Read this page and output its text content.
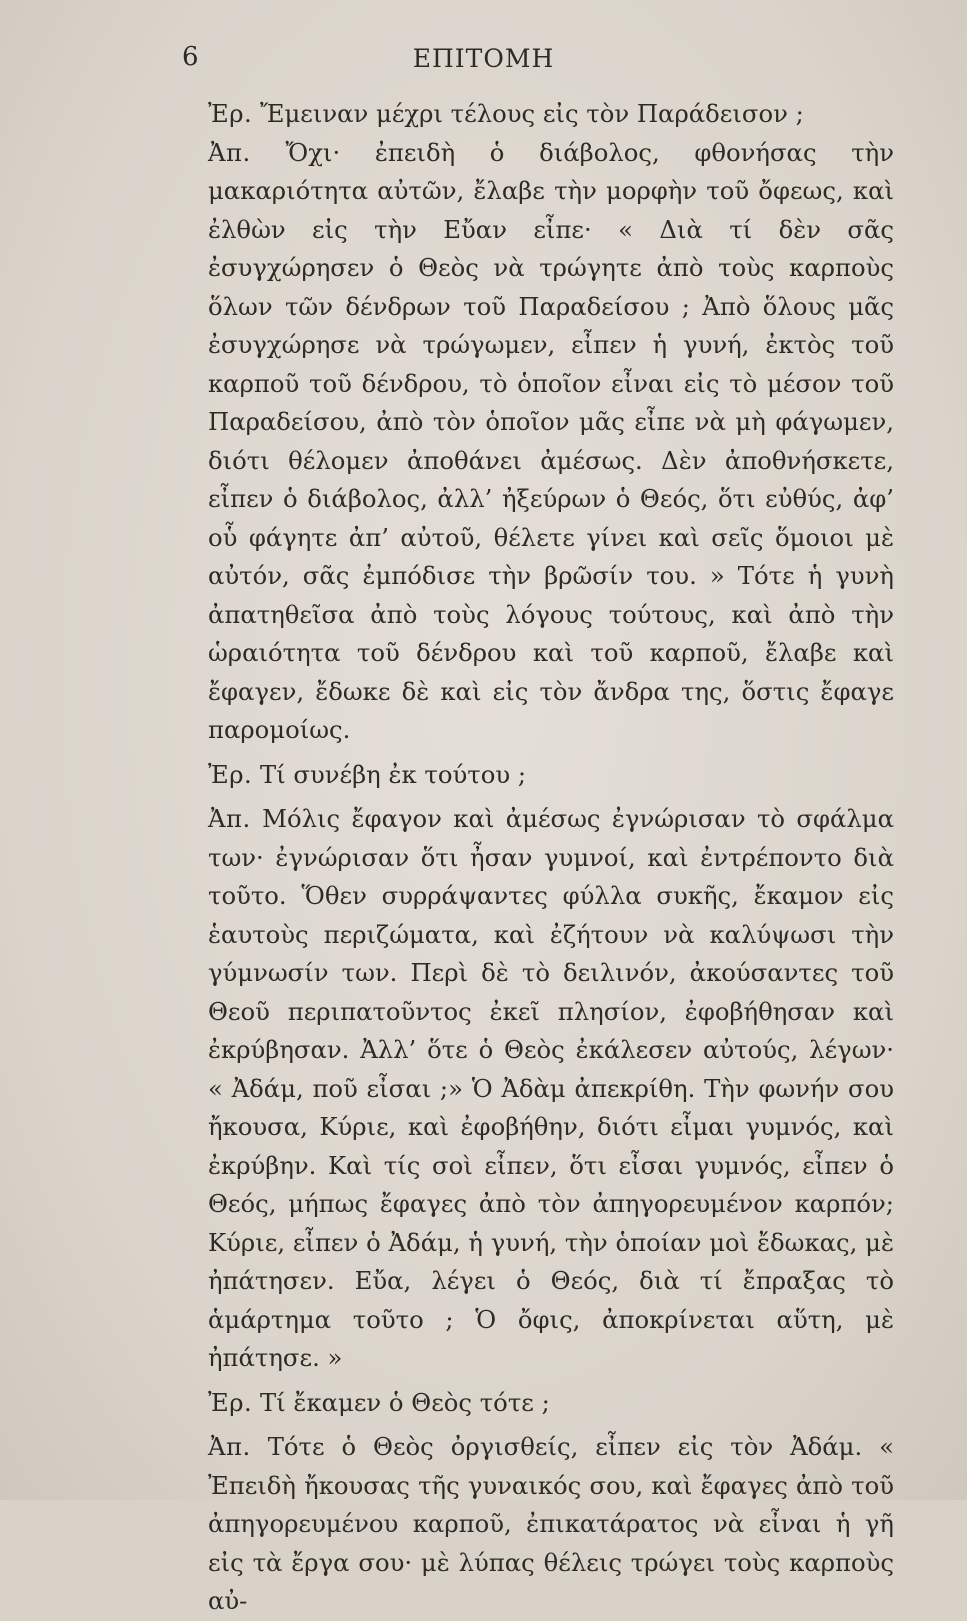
6	ΕΠΙΤΟΜΗ

Ἐρ. Ἔμειναν μέχρι τέλους εἰς τὸν Παράδεισον ;

Ἀπ. Ὄχι· ἐπειδὴ ὁ διάβολος, φθονήσας τὴν μακαριότητα αὐτῶν, ἔλαβε τὴν μορφὴν τοῦ ὄφεως, καὶ ἐλθὼν εἰς τὴν Εὔαν εἶπε· « Διὰ τί δὲν σᾶς ἐσυγχώρησεν ὁ Θεὸς νὰ τρώγητε ἀπὸ τοὺς καρποὺς ὅλων τῶν δένδρων τοῦ Παραδείσου ; Ἀπὸ ὅλους μᾶς ἐσυγχώρησε νὰ τρώγωμεν, εἶπεν ἡ γυνή, ἐκτὸς τοῦ καρποῦ τοῦ δένδρου, τὸ ὁποῖον εἶναι εἰς τὸ μέσον τοῦ Παραδείσου, ἀπὸ τὸν ὁποῖον μᾶς εἶπε νὰ μὴ φάγωμεν, διότι θέλομεν ἀποθάνει ἀμέσως. Δὲν ἀποθνήσκετε, εἶπεν ὁ διάβολος, ἀλλ’ ἠξεύρων ὁ Θεός, ὅτι εὐθύς, ἀφ’ οὗ φάγητε ἀπ’ αὐτοῦ, θέλετε γίνει καὶ σεῖς ὅμοιοι μὲ αὐτόν, σᾶς ἐμπόδισε τὴν βρῶσίν του. » Τότε ἡ γυνὴ ἀπατηθεῖσα ἀπὸ τοὺς λόγους τούτους, καὶ ἀπὸ τὴν ὡραιότητα τοῦ δένδρου καὶ τοῦ καρποῦ, ἔλαβε καὶ ἔφαγεν, ἔδωκε δὲ καὶ εἰς τὸν ἄνδρα της, ὅστις ἔφαγε παρομοίως.

Ἐρ. Τί συνέβη ἐκ τούτου ;

Ἀπ. Μόλις ἔφαγον καὶ ἀμέσως ἐγνώρισαν τὸ σφάλμα των· ἐγνώρισαν ὅτι ἦσαν γυμνοί, καὶ ἐντρέποντο διὰ τοῦτο. Ὅθεν συρράψαντες φύλλα συκῆς, ἔκαμον εἰς ἑαυτοὺς περιζώματα, καὶ ἐζήτουν νὰ καλύψωσι τὴν γύμνωσίν των. Περὶ δὲ τὸ δειλινόν, ἀκούσαντες τοῦ Θεοῦ περιπατοῦντος ἐκεῖ πλησίον, ἐφοβήθησαν καὶ ἐκρύβησαν. Ἀλλ’ ὅτε ὁ Θεὸς ἐκάλεσεν αὐτούς, λέγων· « Ἀδάμ, ποῦ εἶσαι ;» Ὁ Ἀδὰμ ἀπεκρίθη. Τὴν φωνήν σου ἤκουσα, Κύριε, καὶ ἐφοβήθην, διότι εἶμαι γυμνός, καὶ ἐκρύβην. Καὶ τίς σοὶ εἶπεν, ὅτι εἶσαι γυμνός, εἶπεν ὁ Θεός, μήπως ἔφαγες ἀπὸ τὸν ἀπηγορευμένον καρπόν; Κύριε, εἶπεν ὁ Ἀδάμ, ἡ γυνή, τὴν ὁποίαν μοὶ ἔδωκας, μὲ ἠπάτησεν. Εὔα, λέγει ὁ Θεός, διὰ τί ἔπραξας τὸ ἁμάρτημα τοῦτο ; Ὁ ὄφις, ἀποκρίνεται αὕτη, μὲ ἠπάτησε. »

Ἐρ. Τί ἔκαμεν ὁ Θεὸς τότε ;

Ἀπ. Τότε ὁ Θεὸς ὀργισθείς, εἶπεν εἰς τὸν Ἀδάμ. « Ἐπειδὴ ἤκουσας τῆς γυναικός σου, καὶ ἔφαγες ἀπὸ τοῦ ἀπηγορευμένου καρποῦ, ἐπικατάρατος νὰ εἶναι ἡ γῆ εἰς τὰ ἔργα σου· μὲ λύπας θέλεις τρώγει τοὺς καρποὺς αὐ-
